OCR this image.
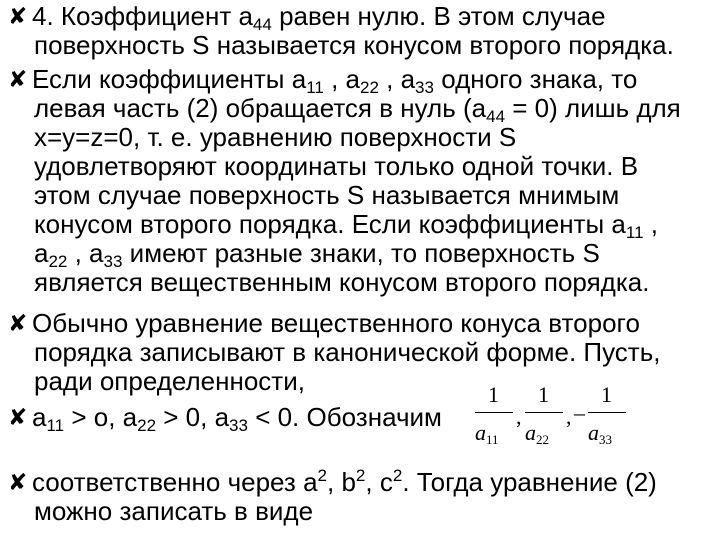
✘ 4. Коэффициент $a_{44}$ равен нулю. В этом случае
поверхность S называется конусом второго порядка.
✘ Если коэффициенты $a_{11}$ , $a_{22}$ , $a_{33}$ одного знака, то
левая часть (2) обращается в нуль $(a_{44} = 0)$ лишь для
x=y=z=0, т. е. уравнению поверхности S
удовлетворяют координаты только одной точки. В
этом случае поверхность S называется мнимым
конусом второго порядка. Если коэффициенты $a_{11}$ ,
$a_{22}$ , $a_{33}$ имеют разные знаки, то поверхность S
является вещественным конусом второго порядка.
✘ Обычно уравнение вещественного конуса второго
порядка записывают в канонической форме. Пусть,
ради определенности,
✘ $a_{11} > o$, $a_{22} > 0$, $a_{33} < 0$. Обозначим
✘ соответственно через $a^2$, $b^2$, $c^2$. Тогда уравнение (2)
можно записать в виде
1
$a_{11}$
,
1
$a_{22}$
, –
1
$a_{33}$
